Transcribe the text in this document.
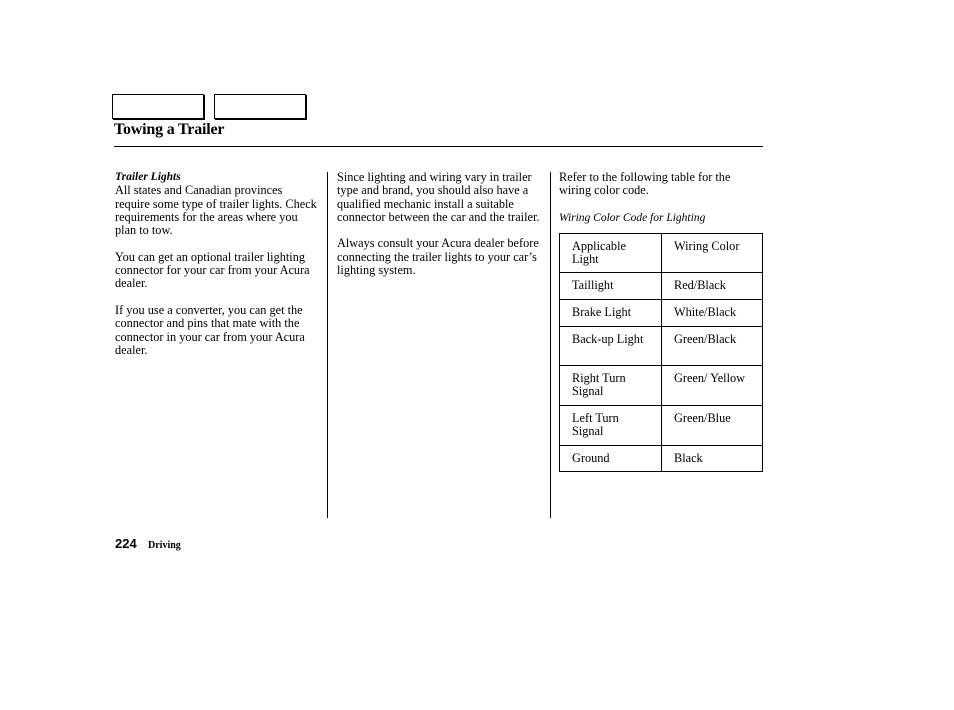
Towing a Trailer
Trailer Lights

All states and Canadian provinces require some type of trailer lights. Check requirements for the areas where you plan to tow.

You can get an optional trailer lighting connector for your car from your Acura dealer.

If you use a converter, you can get the connector and pins that mate with the connector in your car from your Acura dealer.

Since lighting and wiring vary in trailer type and brand, you should also have a qualified mechanic install a suitable connector between the car and the trailer.

Always consult your Acura dealer before connecting the trailer lights to your car’s lighting system.

Refer to the following table for the wiring color code.

Wiring Color Code for Lighting
Applicable Light	Wiring Color
Taillight	Red/Black
Brake Light	White/Black
Back-up Light	Green/Black
Right Turn Signal	Green/ Yellow
Left Turn Signal	Green/Blue
Ground	Black
224 Driving
